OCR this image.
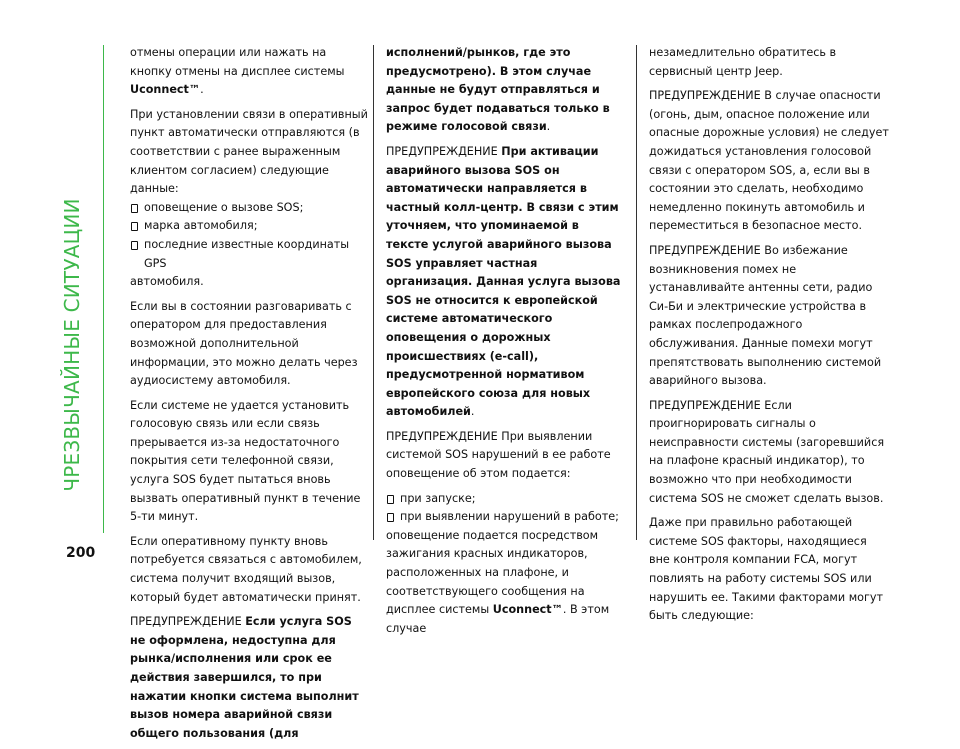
ЧРЕЗВЫЧАЙНЫЕ СИТУАЦИИ
200

отмены операции или нажать на кнопку отмены на дисплее системы Uconnect™.

При установлении связи в оперативный пункт автоматически отправляются (в соответствии с ранее выраженным клиентом согласием) следующие данные:

оповещение о вызове SOS;
марка автомобиля;
последние известные координаты GPS

автомобиля.

Если вы в состоянии разговаривать с оператором для предоставления возможной дополнительной информации, это можно делать через аудиосистему автомобиля.

Если системе не удается установить голосовую связь или если связь прерывается из-за недостаточного покрытия сети телефонной связи, услуга SOS будет пытаться вновь вызвать оперативный пункт в течение 5-ти минут.

Если оперативному пункту вновь потребуется связаться с автомобилем, система получит входящий вызов, который будет автоматически принят.

ПРЕДУПРЕЖДЕНИЕ Если услуга SOS не оформлена, недоступна для рынка/исполнения или срок ее действия завершился, то при нажатии кнопки система выполнит вызов номера аварийной связи общего пользования (для

исполнений/рынков, где это предусмотрено). В этом случае данные не будут отправляться и запрос будет подаваться только в режиме голосовой связи.

ПРЕДУПРЕЖДЕНИЕ При активации аварийного вызова SOS он автоматически направляется в частный колл-центр. В связи с этим уточняем, что упоминаемой в тексте услугой аварийного вызова SOS управляет частная организация. Данная услуга вызова SOS не относится к европейской системе автоматического оповещения о дорожных происшествиях (e-call), предусмотренной нормативом европейского союза для новых автомобилей.

ПРЕДУПРЕЖДЕНИЕ При выявлении системой SOS нарушений в ее работе оповещение об этом подается:

при запуске;
при выявлении нарушений в работе;

оповещение подается посредством зажигания красных индикаторов, расположенных на плафоне, и соответствующего сообщения на дисплее системы Uconnect™. В этом случае

незамедлительно обратитесь в сервисный центр Jeep.

ПРЕДУПРЕЖДЕНИЕ В случае опасности (огонь, дым, опасное положение или опасные дорожные условия) не следует дожидаться установления голосовой связи с оператором SOS, а, если вы в состоянии это сделать, необходимо немедленно покинуть автомобиль и переместиться в безопасное место.

ПРЕДУПРЕЖДЕНИЕ Во избежание возникновения помех не устанавливайте антенны сети, радио Си-Би и электрические устройства в рамках послепродажного обслуживания. Данные помехи могут препятствовать выполнению системой аварийного вызова.

ПРЕДУПРЕЖДЕНИЕ Если проигнорировать сигналы о неисправности системы (загоревшийся на плафоне красный индикатор), то возможно что при необходимости система SOS не сможет сделать вызов.

Даже при правильно работающей системе SOS факторы, находящиеся вне контроля компании FCA, могут повлиять на работу системы SOS или нарушить ее. Такими факторами могут быть следующие:
